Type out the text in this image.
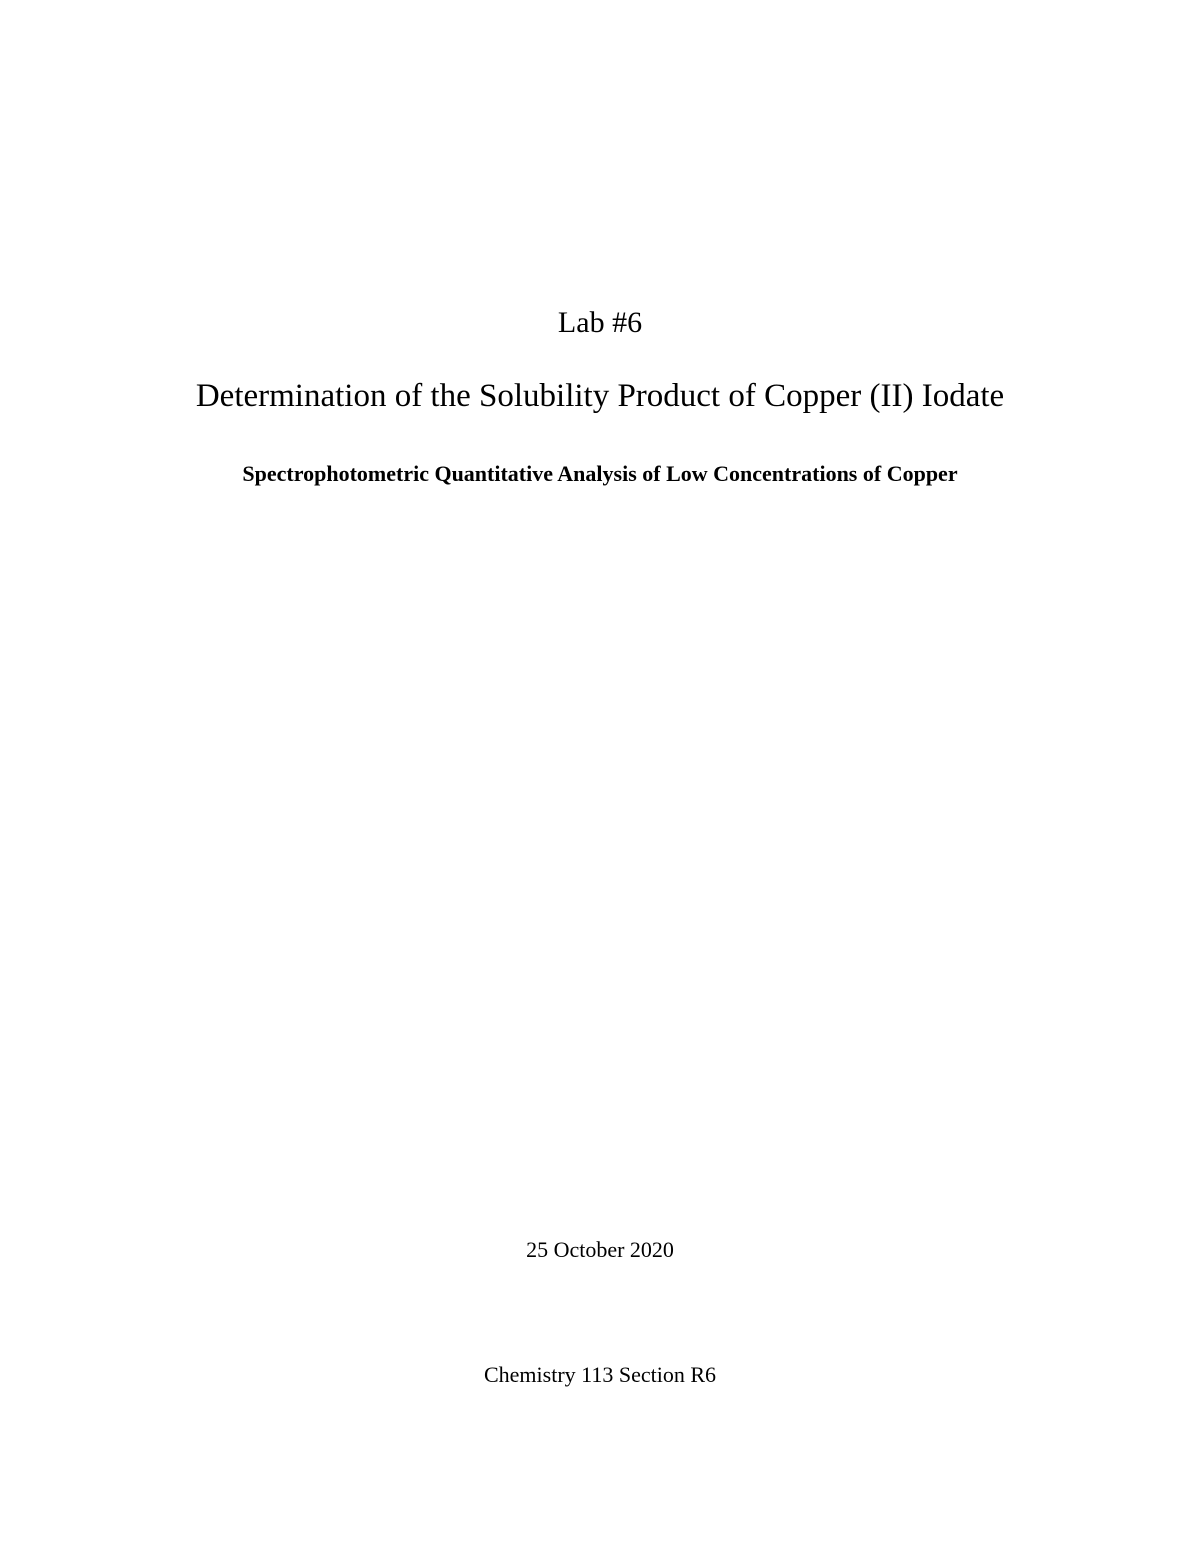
Lab #6
Determination of the Solubility Product of Copper (II) Iodate
Spectrophotometric Quantitative Analysis of Low Concentrations of Copper
25 October 2020
Chemistry 113 Section R6
